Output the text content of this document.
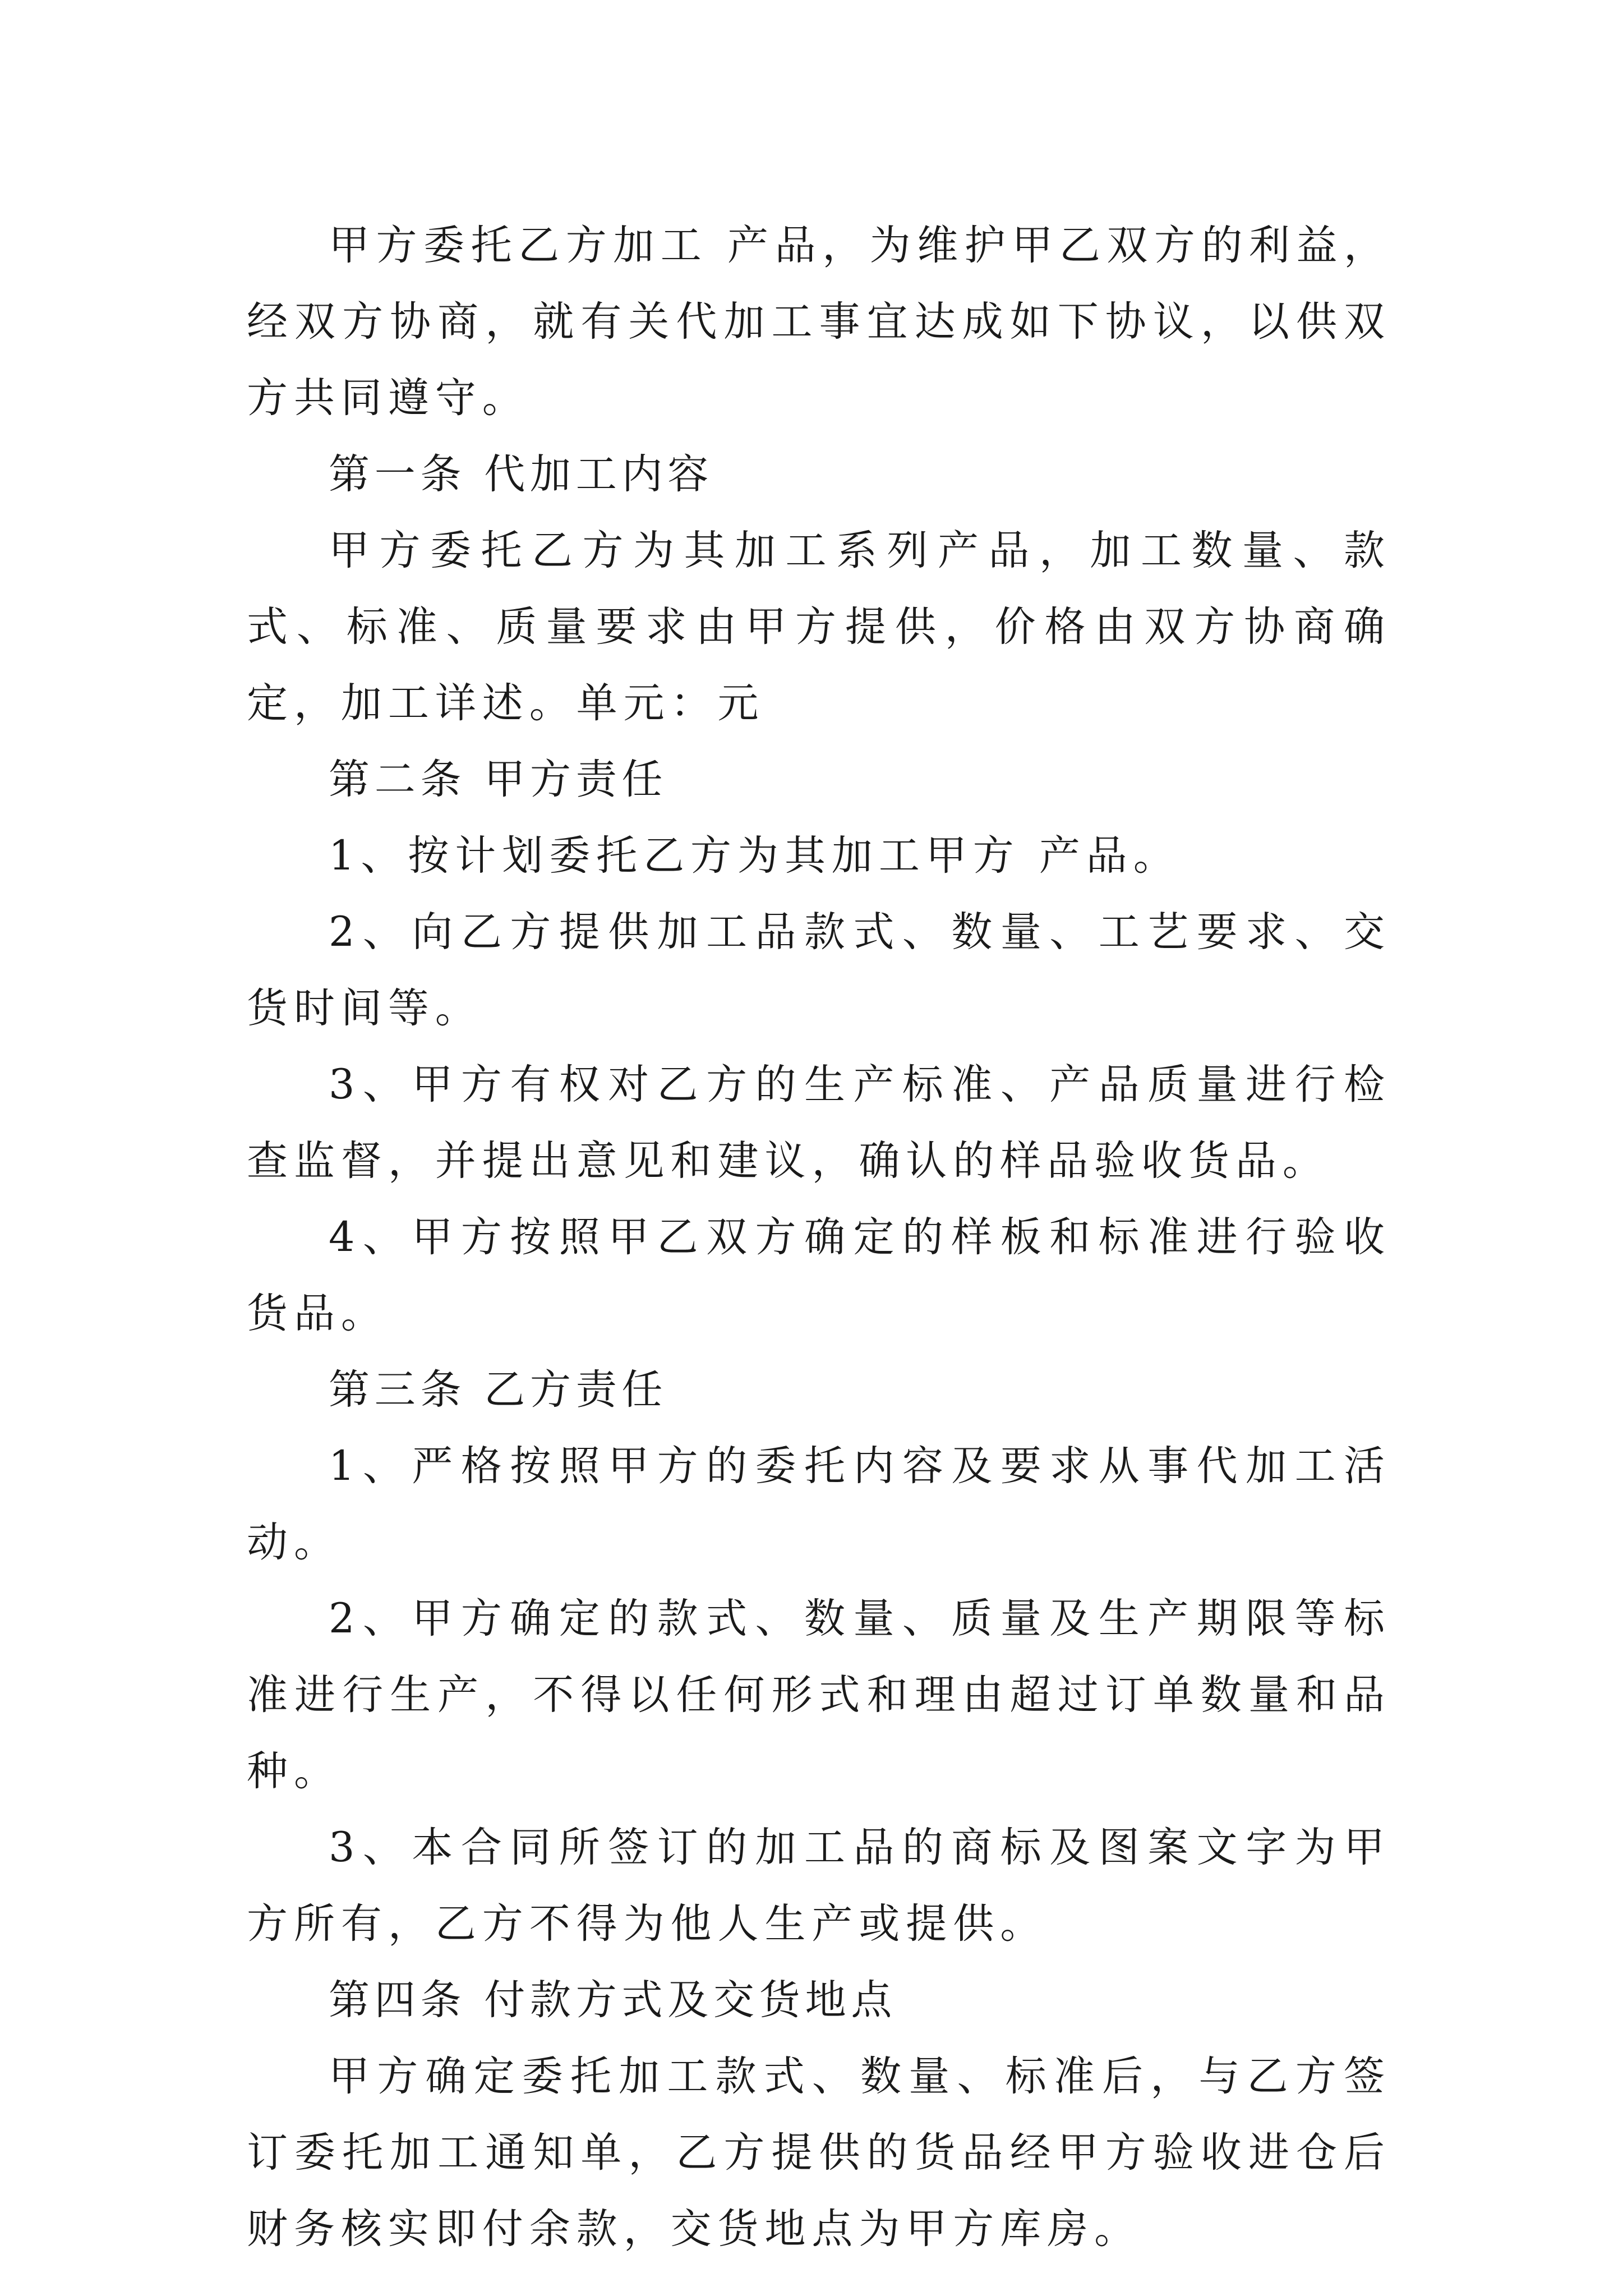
甲方委托乙方加工 产品，为维护甲乙双方的利益，经双方协商，就有关代加工事宜达成如下协议，以供双方共同遵守。

第一条 代加工内容

甲方委托乙方为其加工系列产品，加工数量、款式、标准、质量要求由甲方提供，价格由双方协商确定，加工详述。单元：元

第二条 甲方责任

1、按计划委托乙方为其加工甲方 产品。

2、向乙方提供加工品款式、数量、工艺要求、交货时间等。

3、甲方有权对乙方的生产标准、产品质量进行检查监督，并提出意见和建议，确认的样品验收货品。

4、甲方按照甲乙双方确定的样板和标准进行验收货品。

第三条 乙方责任

1、严格按照甲方的委托内容及要求从事代加工活动。

2、甲方确定的款式、数量、质量及生产期限等标准进行生产，不得以任何形式和理由超过订单数量和品种。

3、本合同所签订的加工品的商标及图案文字为甲方所有，乙方不得为他人生产或提供。

第四条 付款方式及交货地点

甲方确定委托加工款式、数量、标准后，与乙方签订委托加工通知单，乙方提供的货品经甲方验收进仓后财务核实即付余款，交货地点为甲方库房。
